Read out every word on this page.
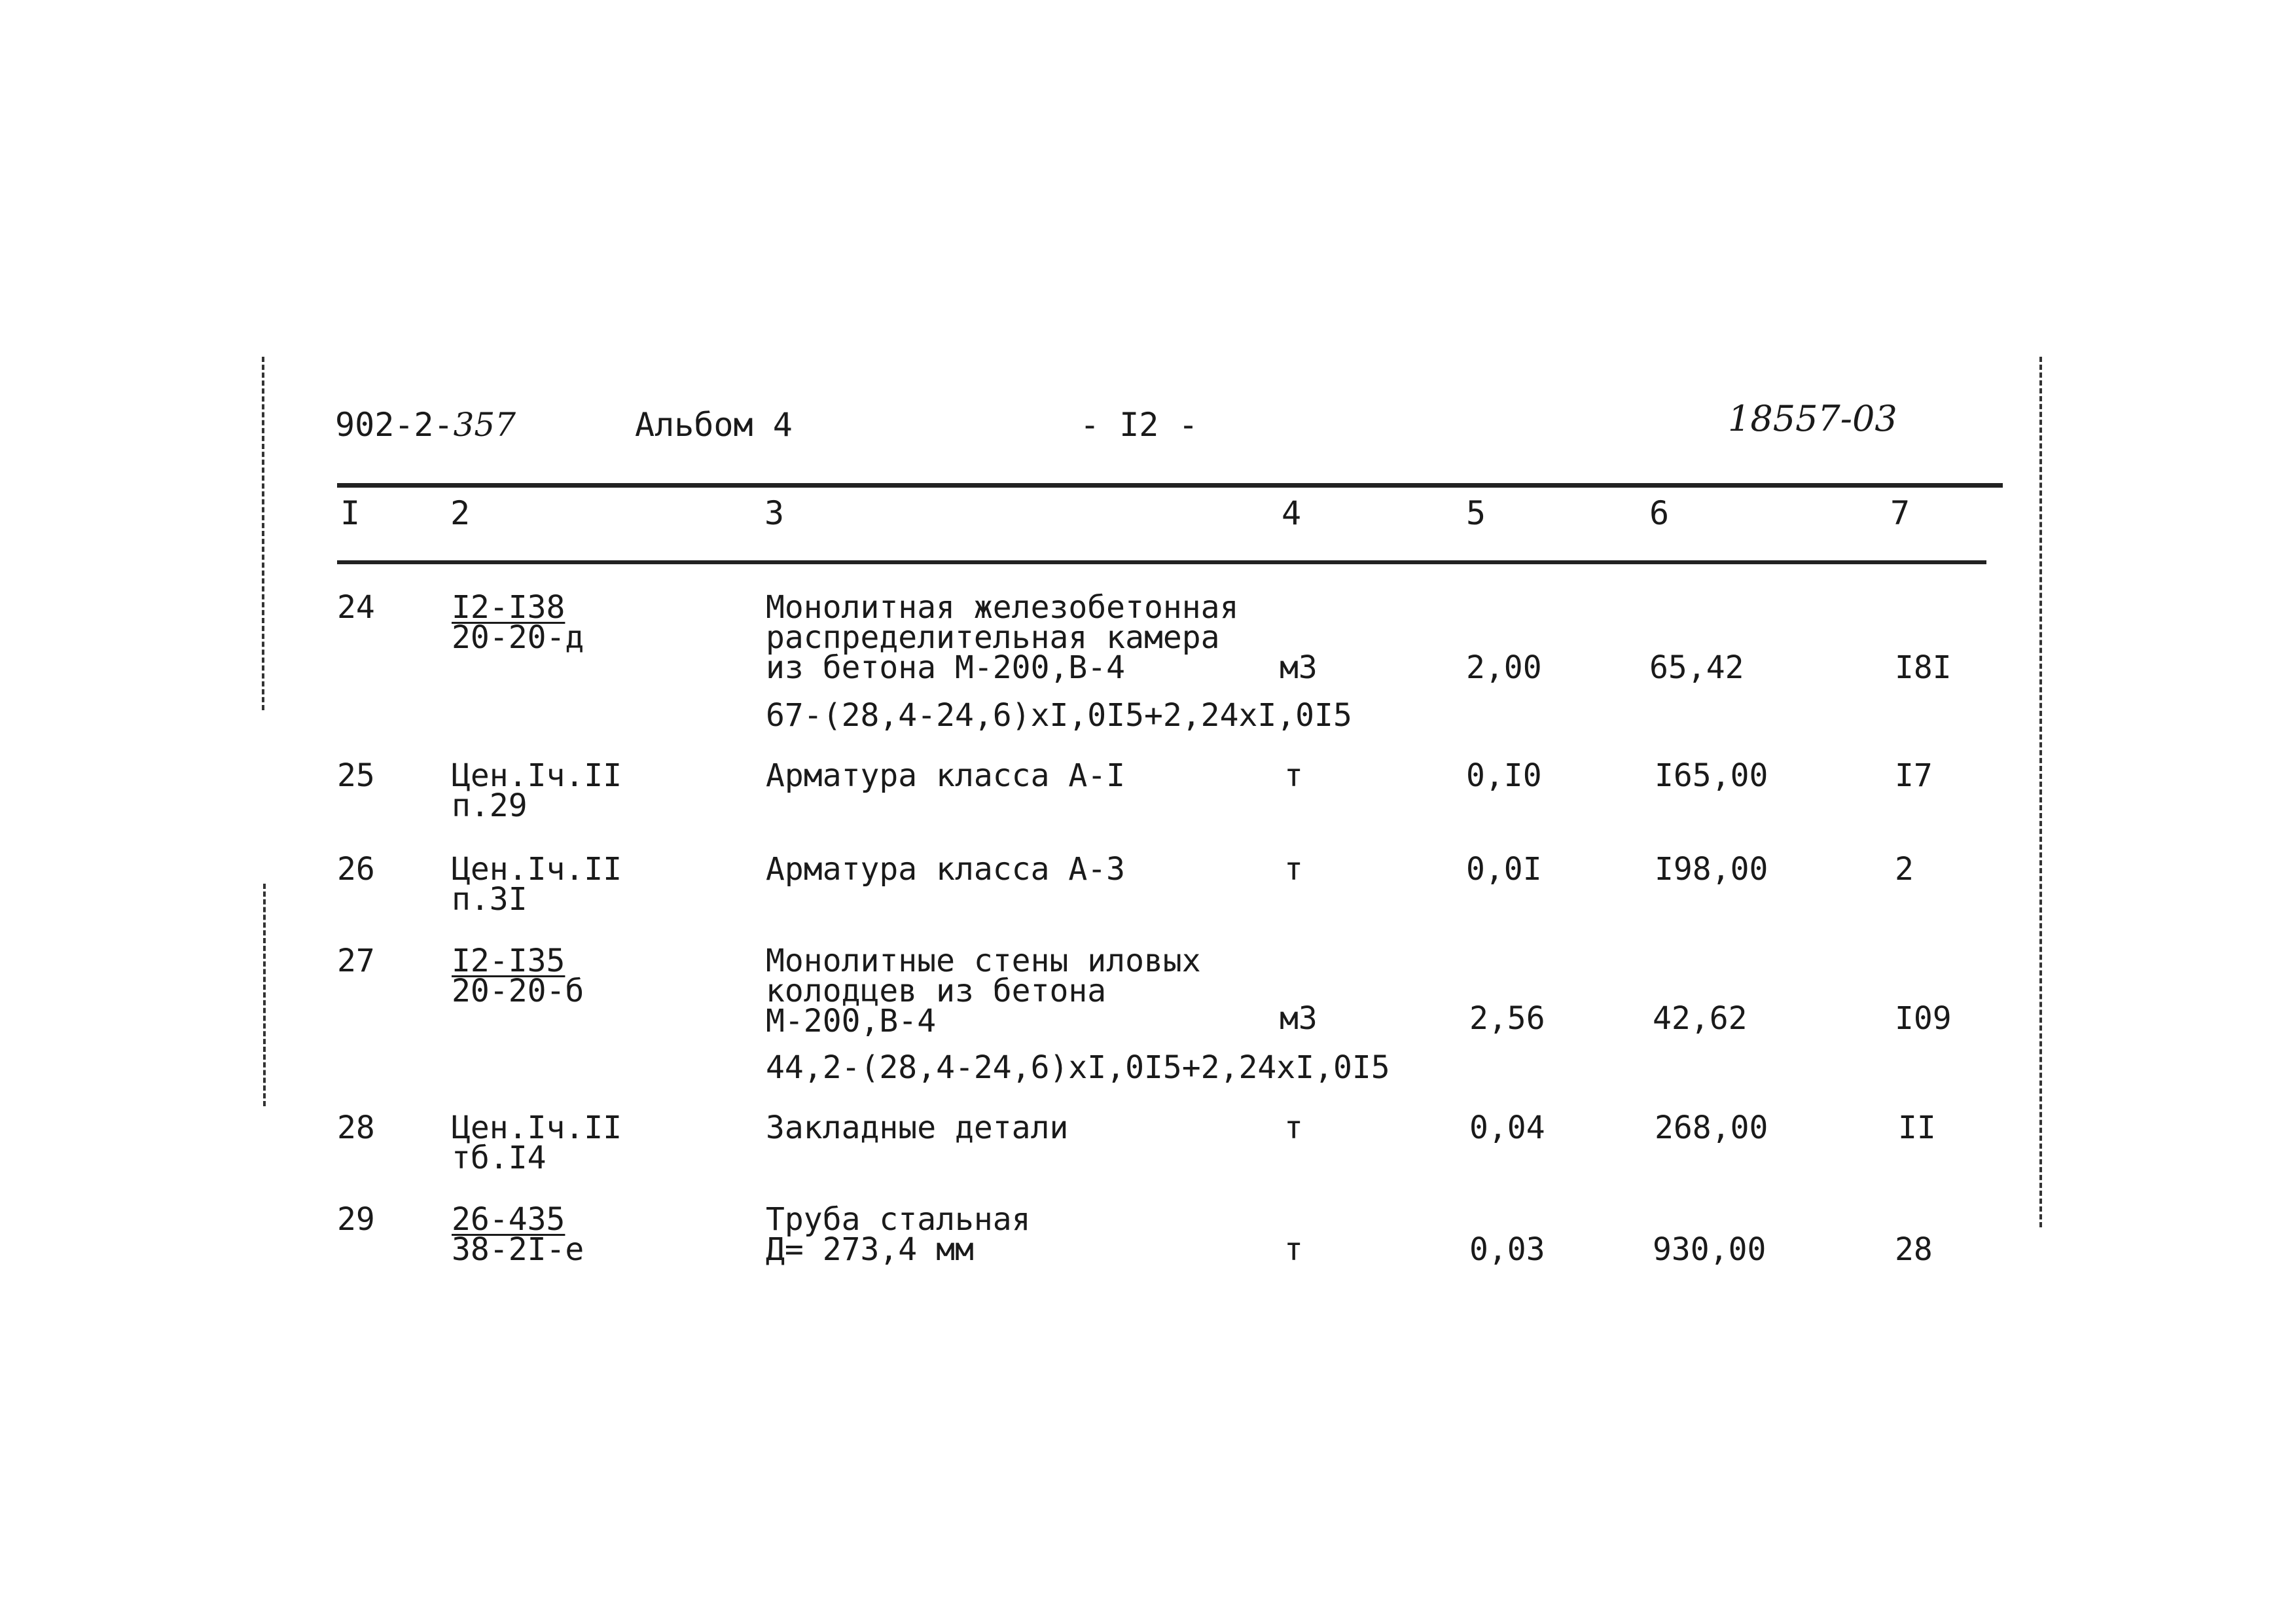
902-2-357	Альбом 4	- I2 -	18557-03
I	2	3	4	5	6	7
24 I2-I38
20-20-д
Монолитная железобетонная
распределительная камера
из бетона М-200,В-4	м3	2,00	65,42	I8I
67-(28,4-24,6)хI,0I5+2,24хI,0I5
25 Цен.Iч.II
п.29
Арматура класса А-I	т	0,I0	I65,00	I7
26 Цен.Iч.II
п.3I
Арматура класса А-3	т	0,0I	I98,00	2
27 I2-I35
20-20-б
Монолитные стены иловых
колодцев из бетона
М-200,В-4	м3	2,56	42,62	I09
44,2-(28,4-24,6)хI,0I5+2,24хI,0I5
28 Цен.Iч.II
тб.I4
Закладные детали	т	0,04	268,00	II
29 26-435
38-2I-е
Труба стальная
Д= 273,4 мм	т	0,03	930,00	28
